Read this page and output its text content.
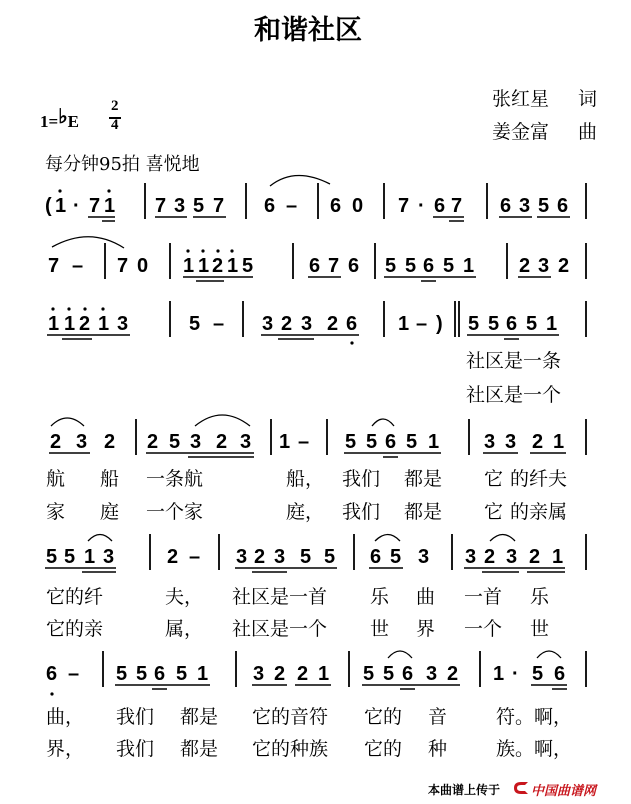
和谐社区
张红星 词
姜金富 曲
1=♭E
2
4
每分钟95拍 喜悦地
( 1 · 7 1 7 3 5 7 6 – 6 0 7 · 6 7 6 3 5 6
7 – 7 0 1 1 2 1 5	6 7 6 5 5 6 5 1 2 3 2
1 1 2 1 3	5 – 3 2 3 2 6 1 – ) 5 5 6 5 1
2 3 2 2 5 3 2 3 1 – 5 5 6 5 1 3 3 2 1
5 5 1 3	2 – 3 2 3 5 5 6 5 3 3 2 3 2 1
6 – 5 5 6 5 1 3 2 2 1 5 5 6 3 2 1 · 5 6
社区是一条
社区是一个
航 船 一条航	船， 我们 都是 它 的纤夫
家 庭 一个家	庭， 我们 都是 它 的亲属
它的纤	夫， 社区是一首 乐 曲 一首 乐
它的亲	属， 社区是一个 世 界 一个 世
曲， 我们 都是 它的音符 它的 音	符。啊，
界， 我们 都是 它的种族 它的 种	族。啊，
本曲谱上传于 中国曲谱网
